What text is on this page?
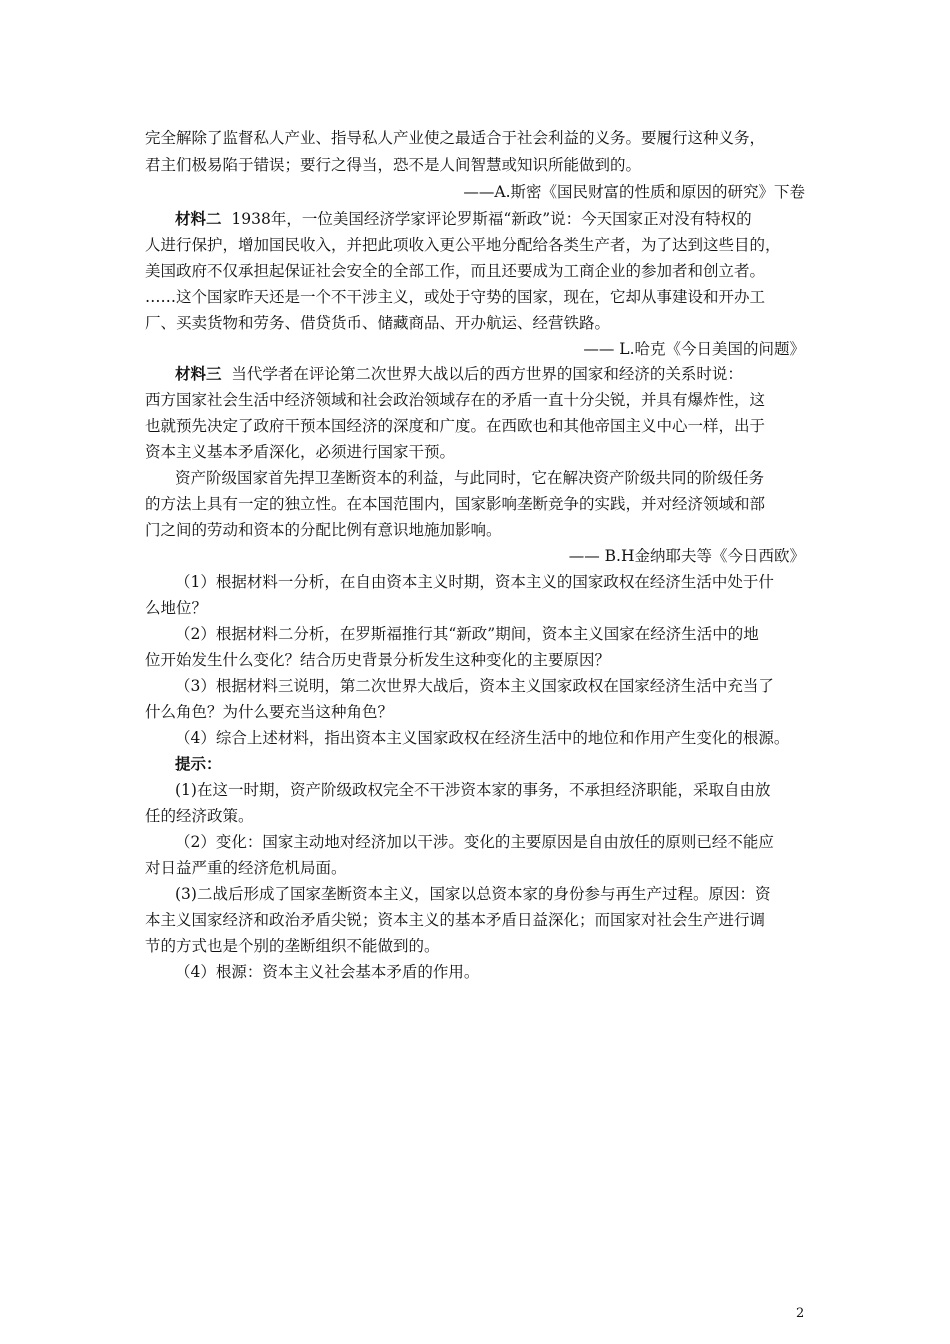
完全解除了监督私人产业、指导私人产业使之最适合于社会利益的义务。要履行这种义务，
君主们极易陷于错误；要行之得当，恐不是人间智慧或知识所能做到的。
——A.斯密《国民财富的性质和原因的研究》下卷
材料二 1938年，一位美国经济学家评论罗斯福“新政”说：今天国家正对没有特权的
人进行保护，增加国民收入，并把此项收入更公平地分配给各类生产者，为了达到这些目的，
美国政府不仅承担起保证社会安全的全部工作，而且还要成为工商企业的参加者和创立者。
……这个国家昨天还是一个不干涉主义，或处于守势的国家，现在，它却从事建设和开办工
厂、买卖货物和劳务、借贷货币、储藏商品、开办航运、经营铁路。
—— L.哈克《今日美国的问题》
材料三 当代学者在评论第二次世界大战以后的西方世界的国家和经济的关系时说：
西方国家社会生活中经济领域和社会政治领域存在的矛盾一直十分尖锐，并具有爆炸性，这
也就预先决定了政府干预本国经济的深度和广度。在西欧也和其他帝国主义中心一样，出于
资本主义基本矛盾深化，必须进行国家干预。
资产阶级国家首先捍卫垄断资本的利益，与此同时，它在解决资产阶级共同的阶级任务
的方法上具有一定的独立性。在本国范围内，国家影响垄断竞争的实践，并对经济领域和部
门之间的劳动和资本的分配比例有意识地施加影响。
—— B.H金纳耶夫等《今日西欧》
（1）根据材料一分析，在自由资本主义时期，资本主义的国家政权在经济生活中处于什
么地位？
（2）根据材料二分析，在罗斯福推行其“新政”期间，资本主义国家在经济生活中的地
位开始发生什么变化？结合历史背景分析发生这种变化的主要原因？
（3）根据材料三说明，第二次世界大战后，资本主义国家政权在国家经济生活中充当了
什么角色？为什么要充当这种角色？
（4）综合上述材料，指出资本主义国家政权在经济生活中的地位和作用产生变化的根源。
提示：
(1)在这一时期，资产阶级政权完全不干涉资本家的事务，不承担经济职能，采取自由放
任的经济政策。
（2）变化：国家主动地对经济加以干涉。变化的主要原因是自由放任的原则已经不能应
对日益严重的经济危机局面。
(3)二战后形成了国家垄断资本主义，国家以总资本家的身份参与再生产过程。原因：资
本主义国家经济和政治矛盾尖锐；资本主义的基本矛盾日益深化；而国家对社会生产进行调
节的方式也是个别的垄断组织不能做到的。
（4）根源：资本主义社会基本矛盾的作用。
2
